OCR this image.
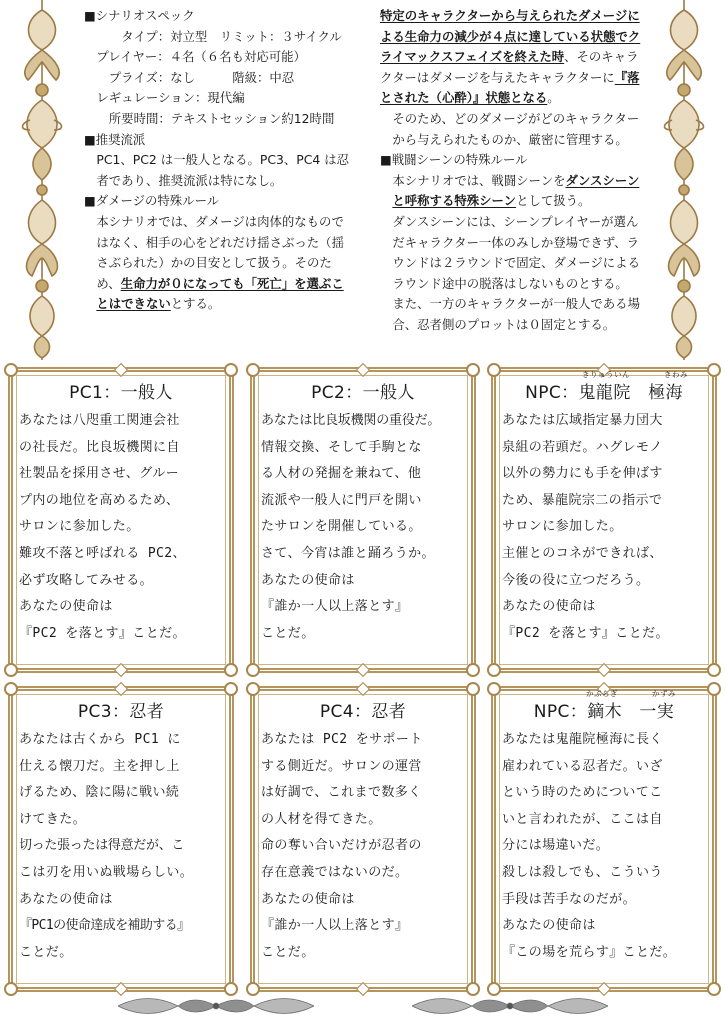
■シナリオスペック

タイプ：対立型　リミット：３サイクル

プレイヤー：４名（６名も対応可能）

プライズ：なし　　　階級：中忍

レギュレーション：現代編

所要時間：テキストセッション約12時間

■推奨流派

PC1、PC2 は一般人となる。PC3、PC4 は忍者であり、推奨流派は特になし。

■ダメージの特殊ルール

本シナリオでは、ダメージは肉体的なものではなく、相手の心をどれだけ揺さぶった（揺さぶられた）かの目安として扱う。そのため、生命力が０になっても「死亡」を選ぶことはできないとする。

特定のキャラクターから与えられたダメージによる生命力の減少が４点に達している状態でクライマックスフェイズを終えた時、そのキャラクターはダメージを与えたキャラクターに『落とされた（心酔）』状態となる。

そのため、どのダメージがどのキャラクターから与えられたものか、厳密に管理する。

■戦闘シーンの特殊ルール

本シナリオでは、戦闘シーンをダンスシーンと呼称する特殊シーンとして扱う。

ダンスシーンには、シーンプレイヤーが選んだキャラクター一体のみしか登場できず、ラウンドは２ラウンドで固定、ダメージによるラウンド途中の脱落はしないものとする。

また、一方のキャラクターが一般人である場合、忍者側のプロットは０固定とする。

PC1：一般人
あなたは八咫重工関連会社
の社長だ。比良坂機関に自
社製品を採用させ、グルー
プ内の地位を高めるため、
サロンに参加した。
難攻不落と呼ばれる PC2、
必ず攻略してみせる。
あなたの使命は
『PC2 を落とす』ことだ。
PC2：一般人
あなたは比良坂機関の重役だ。
情報交換、そして手駒とな
る人材の発掘を兼ねて、他
流派や一般人に門戸を開い
たサロンを開催している。
さて、今宵は誰と踊ろうか。
あなたの使命は
『誰か一人以上落とす』
ことだ。
きりゅういん	きわみ
NPC：鬼龍院　極海
あなたは広域指定暴力団大
泉組の若頭だ。ハグレモノ
以外の勢力にも手を伸ばす
ため、暴龍院宗二の指示で
サロンに参加した。
主催とのコネができれば、
今後の役に立つだろう。
あなたの使命は
『PC2 を落とす』ことだ。
PC3：忍者
あなたは古くから PC1 に
仕える懐刀だ。主を押し上
げるため、陰に陽に戦い続
けてきた。
切った張ったは得意だが、こ
こは刃を用いぬ戦場らしい。
あなたの使命は
『PC1の使命達成を補助する』
ことだ。
PC4：忍者
あなたは PC2 をサポート
する側近だ。サロンの運営
は好調で、これまで数多く
の人材を得てきた。
命の奪い合いだけが忍者の
存在意義ではないのだ。
あなたの使命は
『誰か一人以上落とす』
ことだ。
かぶらぎ	かずみ
NPC：鏑木　一実
あなたは鬼龍院極海に長く
雇われている忍者だ。いざ
という時のためについてこ
いと言われたが、ここは自
分には場違いだ。
殺しは殺しでも、こういう
手段は苦手なのだが。
あなたの使命は
『この場を荒らす』ことだ。
